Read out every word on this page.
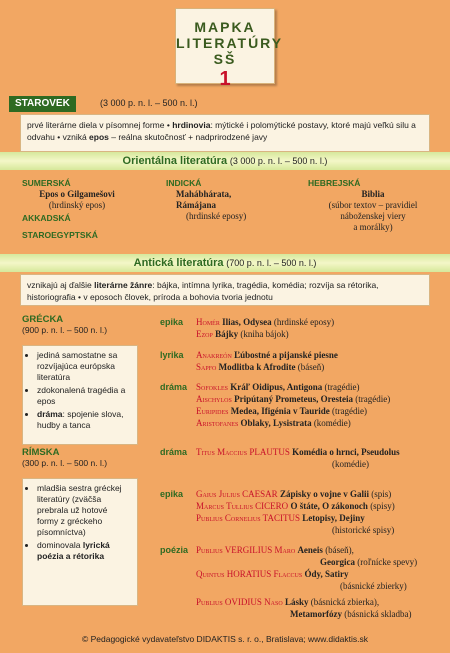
MAPKA
LITERATÚRY SŠ
1
STAROVEK	(3 000 p. n. l. – 500 n. l.)
prvé literárne diela v písomnej forme • hrdinovia: mýtické i polomýtické postavy, ktoré majú veľkú silu a odvahu • vzniká epos – reálna skutočnosť + nadprirodzené javy
Orientálna literatúra (3 000 p. n. l. – 500 n. l.)
SUMERSKÁ
Epos o Gilgamešovi
(hrdinský epos)
AKKADSKÁ
STAROEGYPTSKÁ
INDICKÁ
Mahábhárata,
Rámájana
(hrdinské eposy)
HEBREJSKÁ
Biblia
(súbor textov – pravidiel
náboženskej viery
a morálky)
Antická literatúra (700 p. n. l. – 500 n. l.)
vznikajú aj ďalšie literárne žánre: bájka, intímna lyrika, tragédia, komédia; rozvíja sa rétorika, historiografia • v eposoch človek, príroda a bohovia tvoria jednotu
GRÉCKA
(900 p. n. l. – 500 n. l.)
• jediná samostatne sa rozvíjajúca európska literatúra
• zdokonalená tragédia a epos
• dráma: spojenie slova, hudby a tanca
RÍMSKA
(300 p. n. l. – 500 n. l.)
• mladšia sestra gréckej literatúry (zväčša prebrala už hotové formy z gréckeho písomníctva)
• dominovala lyrická poézia a rétorika
epika
lyrika
dráma
dráma
epika
poézia
Homér Ilias, Odysea (hrdinské eposy)
Ezop Bájky (kniha bájok)
Anakreón Ľúbostné a pijanské piesne
Sapfo Modlitba k Afrodite (báseň)
Sofokles Kráľ Oidipus, Antigona (tragédie)
Aischylos Pripútaný Prometeus, Oresteia (tragédie)
Euripides Medea, Ifigénia v Tauride (tragédie)
Aristofanes Oblaky, Lysistrata (komédie)
Titus Maccius PLAUTUS Komédia o hrnci, Pseudolus
(komédie)
Gaius Julius CAESAR Zápisky o vojne v Galii (spis)
Marcus Tullius CICERO O štáte, O zákonoch (spisy)
Publius Cornelius TACITUS Letopisy, Dejiny
(historické spisy)
Publius VERGILIUS Maro Aeneis (báseň),
Georgica (roľnícke spevy)
Quintus HORATIUS Flaccus Ódy, Satiry
(básnické zbierky)
Publius OVIDIUS Naso Lásky (básnická zbierka),
Metamorfózy (básnická skladba)
© Pedagogické vydavateľstvo DIDAKTIS s. r. o., Bratislava; www.didaktis.sk
